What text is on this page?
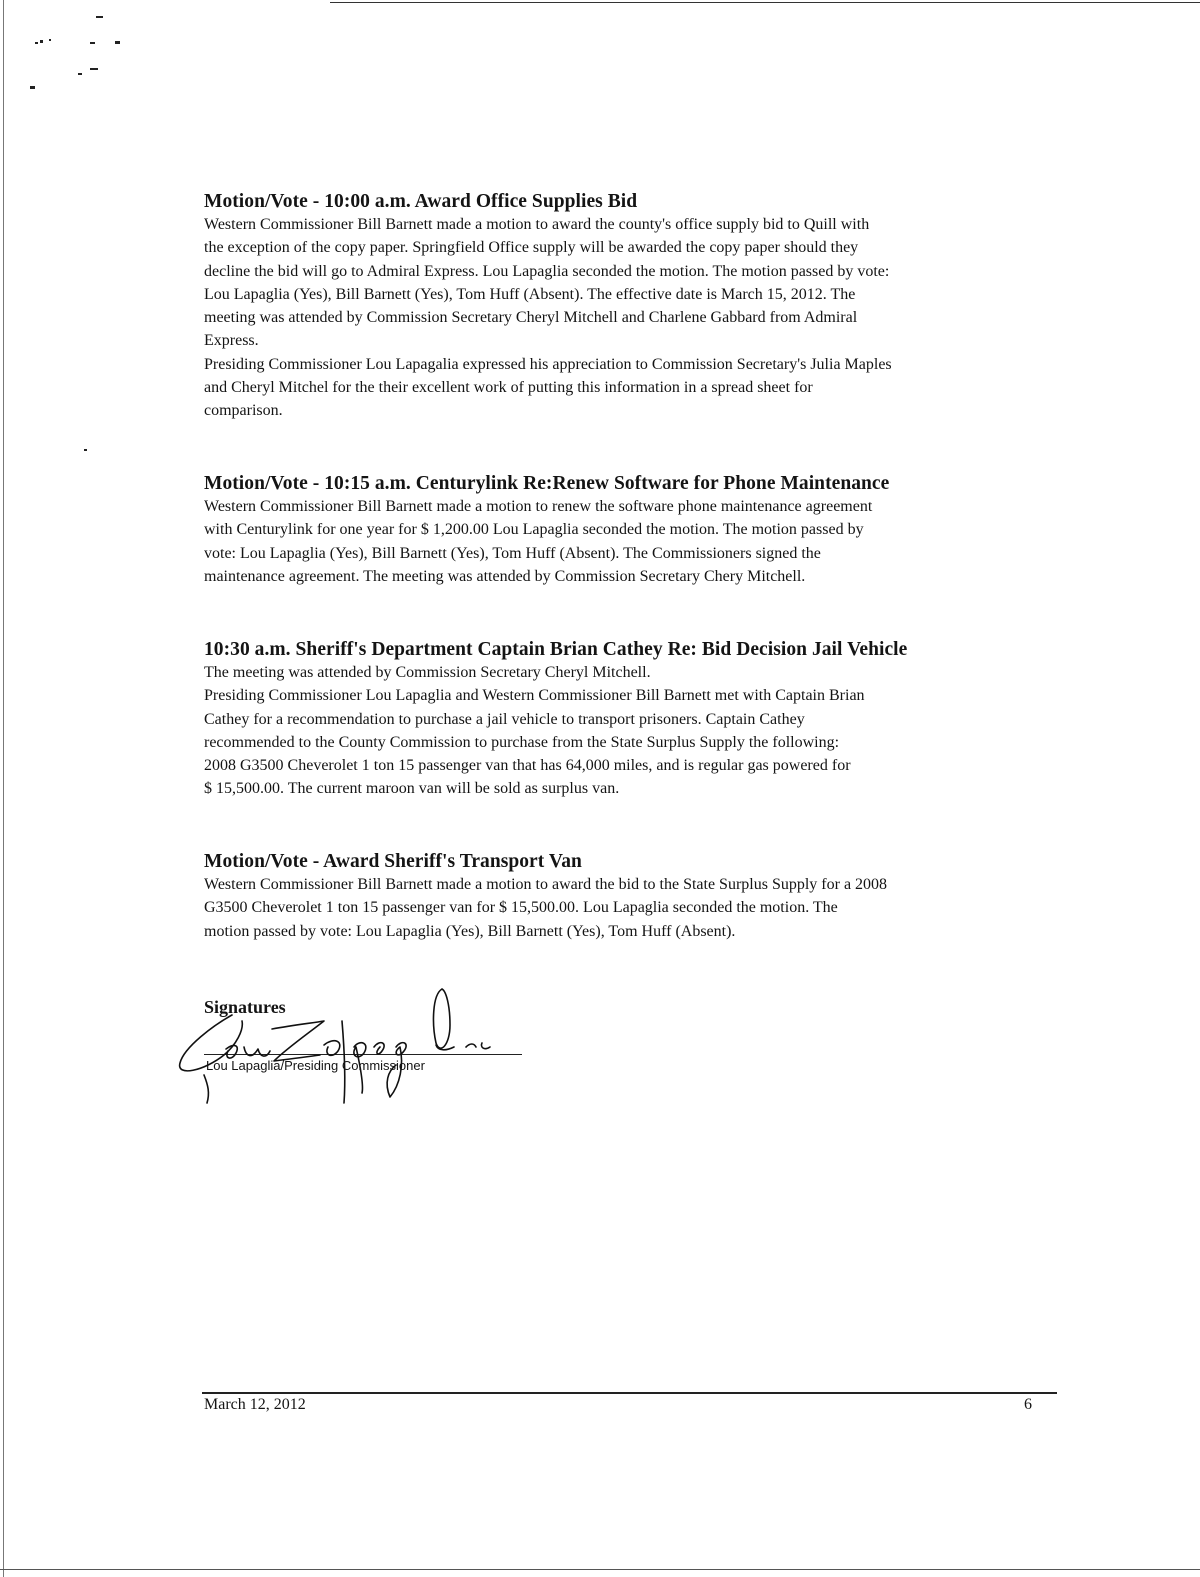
Motion/Vote - 10:00 a.m. Award Office Supplies Bid

Western Commissioner Bill Barnett made a motion to award the county's office supply bid to Quill with
the exception of the copy paper. Springfield Office supply will be awarded the copy paper should they
decline the bid will go to Admiral Express. Lou Lapaglia seconded the motion. The motion passed by vote:
Lou Lapaglia (Yes), Bill Barnett (Yes), Tom Huff (Absent). The effective date is March 15, 2012. The
meeting was attended by Commission Secretary Cheryl Mitchell and Charlene Gabbard from Admiral
Express.
Presiding Commissioner Lou Lapagalia expressed his appreciation to Commission Secretary's Julia Maples
and Cheryl Mitchel for the their excellent work of putting this information in a spread sheet for
comparison.

Motion/Vote - 10:15 a.m. Centurylink Re:Renew Software for Phone Maintenance

Western Commissioner Bill Barnett made a motion to renew the software phone maintenance agreement
with Centurylink for one year for $ 1,200.00 Lou Lapaglia seconded the motion. The motion passed by
vote: Lou Lapaglia (Yes), Bill Barnett (Yes), Tom Huff (Absent). The Commissioners signed the
maintenance agreement. The meeting was attended by Commission Secretary Chery Mitchell.

10:30 a.m. Sheriff's Department Captain Brian Cathey Re: Bid Decision Jail Vehicle

The meeting was attended by Commission Secretary Cheryl Mitchell.
Presiding Commissioner Lou Lapaglia and Western Commissioner Bill Barnett met with Captain Brian
Cathey for a recommendation to purchase a jail vehicle to transport prisoners. Captain Cathey
recommended to the County Commission to purchase from the State Surplus Supply the following:
2008 G3500 Cheverolet 1 ton 15 passenger van that has 64,000 miles, and is regular gas powered for
$ 15,500.00. The current maroon van will be sold as surplus van.

Motion/Vote - Award Sheriff's Transport Van

Western Commissioner Bill Barnett made a motion to award the bid to the State Surplus Supply for a 2008
G3500 Cheverolet 1 ton 15 passenger van for $ 15,500.00. Lou Lapaglia seconded the motion. The
motion passed by vote: Lou Lapaglia (Yes), Bill Barnett (Yes), Tom Huff (Absent).

Signatures

Lou Lapaglia/Presiding Commissioner

March 12, 2012	6
